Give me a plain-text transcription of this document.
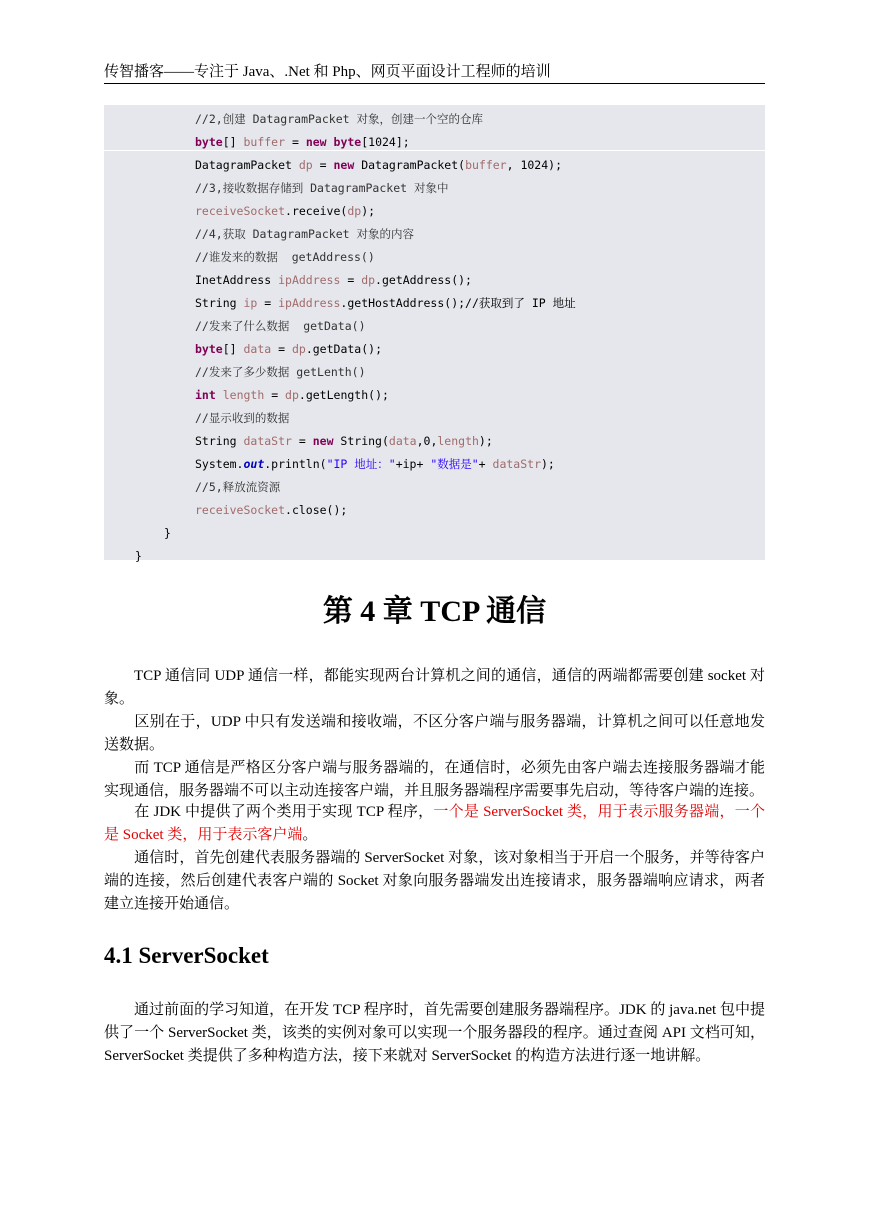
传智播客——专注于 Java、.Net 和 Php、网页平面设计工程师的培训
//2,创建 DatagramPacket 对象，创建一个空的仓库
byte[] buffer = new byte[1024];
DatagramPacket dp = new DatagramPacket(buffer, 1024);
//3,接收数据存储到 DatagramPacket 对象中
receiveSocket.receive(dp);
//4,获取 DatagramPacket 对象的内容
//谁发来的数据  getAddress()
InetAddress ipAddress = dp.getAddress();
String ip = ipAddress.getHostAddress();//获取到了 IP 地址
//发来了什么数据  getData()
byte[] data = dp.getData();
//发来了多少数据 getLenth()
int length = dp.getLength();
//显示收到的数据
String dataStr = new String(data,0,length);
System.out.println("IP 地址："+ip+ "数据是"+ dataStr);
//5,释放流资源
receiveSocket.close();
}
}
第 4 章 TCP 通信
TCP 通信同 UDP 通信一样，都能实现两台计算机之间的通信，通信的两端都需要创建 socket 对象。
区别在于，UDP 中只有发送端和接收端，不区分客户端与服务器端，计算机之间可以任意地发送数据。
而 TCP 通信是严格区分客户端与服务器端的，在通信时，必须先由客户端去连接服务器端才能实现通信，服务器端不可以主动连接客户端，并且服务器端程序需要事先启动，等待客户端的连接。
在 JDK 中提供了两个类用于实现 TCP 程序，一个是 ServerSocket 类，用于表示服务器端，一个是 Socket 类，用于表示客户端。
通信时，首先创建代表服务器端的 ServerSocket 对象，该对象相当于开启一个服务，并等待客户端的连接，然后创建代表客户端的 Socket 对象向服务器端发出连接请求，服务器端响应请求，两者建立连接开始通信。
4.1 ServerSocket
通过前面的学习知道，在开发 TCP 程序时，首先需要创建服务器端程序。JDK 的 java.net 包中提供了一个 ServerSocket 类，该类的实例对象可以实现一个服务器段的程序。通过查阅 API 文档可知，ServerSocket 类提供了多种构造方法，接下来就对 ServerSocket 的构造方法进行逐一地讲解。
